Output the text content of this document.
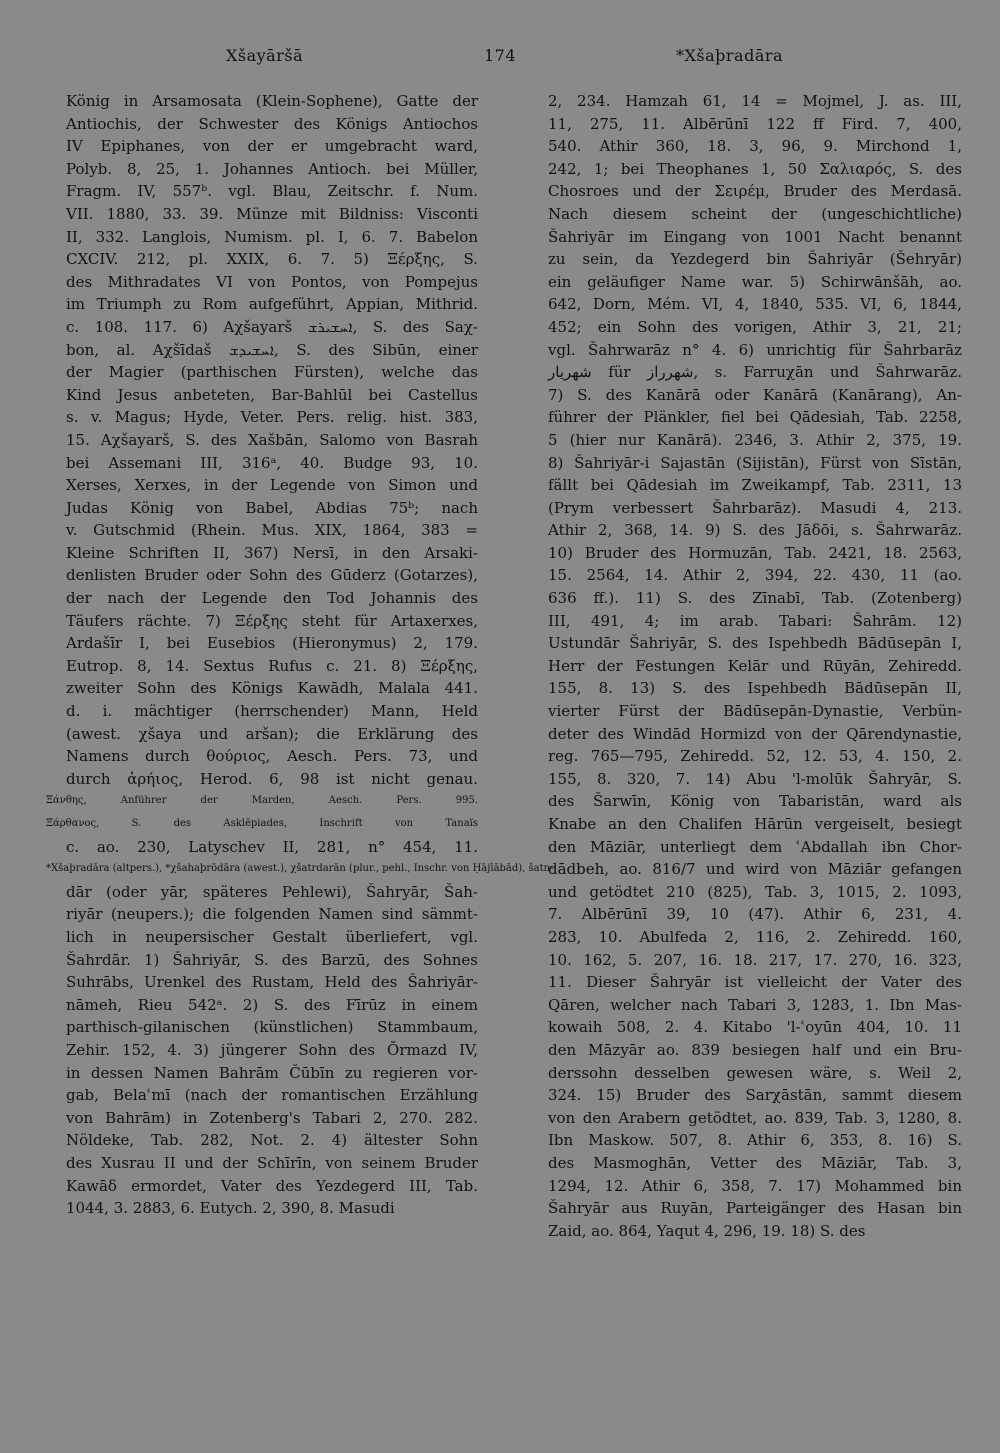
Xšayāršā	174	*Xšaþradāra
König in Arsamosata (Klein-Sophene), Gatte der
Antiochis, der Schwester des Königs Antiochos
IV Epiphanes, von der er umgebracht ward,
Polyb. 8, 25, 1. Johannes Antioch. bei Müller,
Fragm. IV, 557ᵇ. vgl. Blau, Zeitschr. f. Num.
VII. 1880, 33. 39. Münze mit Bildniss: Visconti
II, 332. Langlois, Numism. pl. I, 6. 7. Babelon
CXCIV. 212, pl. XXIX, 6. 7. 5) Ξέρξης, S.
des Mithradates VI von Pontos, von Pompejus
im Triumph zu Rom aufgeführt, Appian, Mithrid.
c. 108. 117. 6) Aχšayarš ܐܚܫܝܪܫ, S. des Saχ-
bon, al. Aχšīdaš ܐܚܫܝܕܫ, S. des Sibūn, einer
der Magier (parthischen Fürsten), welche das
Kind Jesus anbeteten, Bar-Bahlūl bei Castellus
s. v. Magus; Hyde, Veter. Pers. relig. hist. 383,
15. Aχšayarš, S. des Xašbān, Salomo von Basrah
bei Assemani III, 316ᵃ, 40. Budge 93, 10.
Xerses, Xerxes, in der Legende von Simon und
Judas König von Babel, Abdias 75ᵇ; nach
v. Gutschmid (Rhein. Mus. XIX, 1864, 383 =
Kleine Schriften II, 367) Nersī, in den Arsaki-
denlisten Bruder oder Sohn des Gūderz (Gotarzes),
der nach der Legende den Tod Johannis des
Täufers rächte. 7) Ξέρξης steht für Artaxerxes,
Ardašīr I, bei Eusebios (Hieronymus) 2, 179.
Eutrop. 8, 14. Sextus Rufus c. 21. 8) Ξέρξης,
zweiter Sohn des Königs Kawādh, Malala 441.
d. i. mächtiger (herrschender) Mann, Held
(awest. χšaya und aršan); die Erklärung des
Namens durch θούριος, Aesch. Pers. 73, und
durch ἀρήιος, Herod. 6, 98 ist nicht genau.
Ξάνθης, Anführer der Marden, Aesch. Pers. 995.
Ξάρθανος, S. des Asklēpiades, Inschrift von Tanaïs
c. ao. 230, Latyschev II, 281, n° 454, 11.
*Xšaþradāra (altpers.), *χšahaþrōdāra (awest.), χšatrdarān (plur., pehl., Inschr. von Ḥājīābād), šatn-
dār (oder yār, späteres Pehlewi), Šahryār, Šah-
riyār (neupers.); die folgenden Namen sind sämmt-
lich in neupersischer Gestalt überliefert, vgl.
Šahrdār. 1) Šahriyār, S. des Barzū, des Sohnes
Suhrābs, Urenkel des Rustam, Held des Šahriyār-
nāmeh, Rieu 542ᵃ. 2) S. des Fīrūz in einem
parthisch-gilanischen (künstlichen) Stammbaum,
Zehir. 152, 4. 3) jüngerer Sohn des Ōrmazd IV,
in dessen Namen Bahrām Čūbīn zu regieren vor-
gab, Belaʿmī (nach der romantischen Erzählung
von Bahrām) in Zotenberg's Tabari 2, 270. 282.
Nöldeke, Tab. 282, Not. 2. 4) ältester Sohn
des Xusrau II und der Schīrīn, von seinem Bruder
Kawāδ ermordet, Vater des Yezdegerd III, Tab.
1044, 3. 2883, 6. Eutych. 2, 390, 8. Masudi
2, 234. Hamzah 61, 14 = Mojmel, J. as. III,
11, 275, 11. Albērūnī 122 ff Fird. 7, 400,
540. Athir 360, 18. 3, 96, 9. Mirchond 1,
242, 1; bei Theophanes 1, 50 Σαλιαρός, S. des
Chosroes und der Σειρέμ, Bruder des Merdasā.
Nach diesem scheint der (ungeschichtliche)
Šahriyār im Eingang von 1001 Nacht benannt
zu sein, da Yezdegerd bin Šahriyār (Šehryār)
ein geläufiger Name war. 5) Schirwānšāh, ao.
642, Dorn, Mém. VI, 4, 1840, 535. VI, 6, 1844,
452; ein Sohn des vorigen, Athir 3, 21, 21;
vgl. Šahrwarāz n° 4. 6) unrichtig für Šahrbarāz
شهريار für شهرراز, s. Farruχān und Šahrwarāz.
7) S. des Kanārā oder Kanārā (Kanārang), An-
führer der Plänkler, fiel bei Qādesiah, Tab. 2258,
5 (hier nur Kanārā). 2346, 3. Athir 2, 375, 19.
8) Šahriyār-i Sajastān (Sijistān), Fürst von Sīstān,
fällt bei Qādesiah im Zweikampf, Tab. 2311, 13
(Prym verbessert Šahrbarāz). Masudi 4, 213.
Athir 2, 368, 14. 9) S. des Jāδōi, s. Šahrwarāz.
10) Bruder des Hormuzān, Tab. 2421, 18. 2563,
15. 2564, 14. Athir 2, 394, 22. 430, 11 (ao.
636 ff.). 11) S. des Zīnabī, Tab. (Zotenberg)
III, 491, 4; im arab. Tabari: Šahrām. 12)
Ustundār Šahriyār, S. des Ispehbedh Bādūsepān I,
Herr der Festungen Kelār und Rūyān, Zehiredd.
155, 8. 13) S. des Ispehbedh Bādūsepān II,
vierter Fürst der Bādūsepān-Dynastie, Verbün-
deter des Windād Hormizd von der Qārendynastie,
reg. 765—795, Zehiredd. 52, 12. 53, 4. 150, 2.
155, 8. 320, 7. 14) Abu 'l-molūk Šahryār, S.
des Šarwīn, König von Tabaristān, ward als
Knabe an den Chalifen Hārūn vergeiselt, besiegt
den Māziār, unterliegt dem ʿAbdallah ibn Chor-
dādbeh, ao. 816/7 und wird von Māziār gefangen
und getödtet 210 (825), Tab. 3, 1015, 2. 1093,
7. Albērūnī 39, 10 (47). Athir 6, 231, 4.
283, 10. Abulfeda 2, 116, 2. Zehiredd. 160,
10. 162, 5. 207, 16. 18. 217, 17. 270, 16. 323,
11. Dieser Šahryār ist vielleicht der Vater des
Qāren, welcher nach Tabari 3, 1283, 1. Ibn Mas-
kowaih 508, 2. 4. Kitabo 'l-ʿoyūn 404, 10. 11
den Māzyār ao. 839 besiegen half und ein Bru-
derssohn desselben gewesen wäre, s. Weil 2,
324. 15) Bruder des Sarχāstān, sammt diesem
von den Arabern getödtet, ao. 839, Tab. 3, 1280, 8.
Ibn Maskow. 507, 8. Athir 6, 353, 8. 16) S.
des Masmoghān, Vetter des Māziār, Tab. 3,
1294, 12. Athir 6, 358, 7. 17) Mohammed bin
Šahryār aus Ruyān, Parteigänger des Hasan bin
Zaid, ao. 864, Yaqut 4, 296, 19. 18) S. des
